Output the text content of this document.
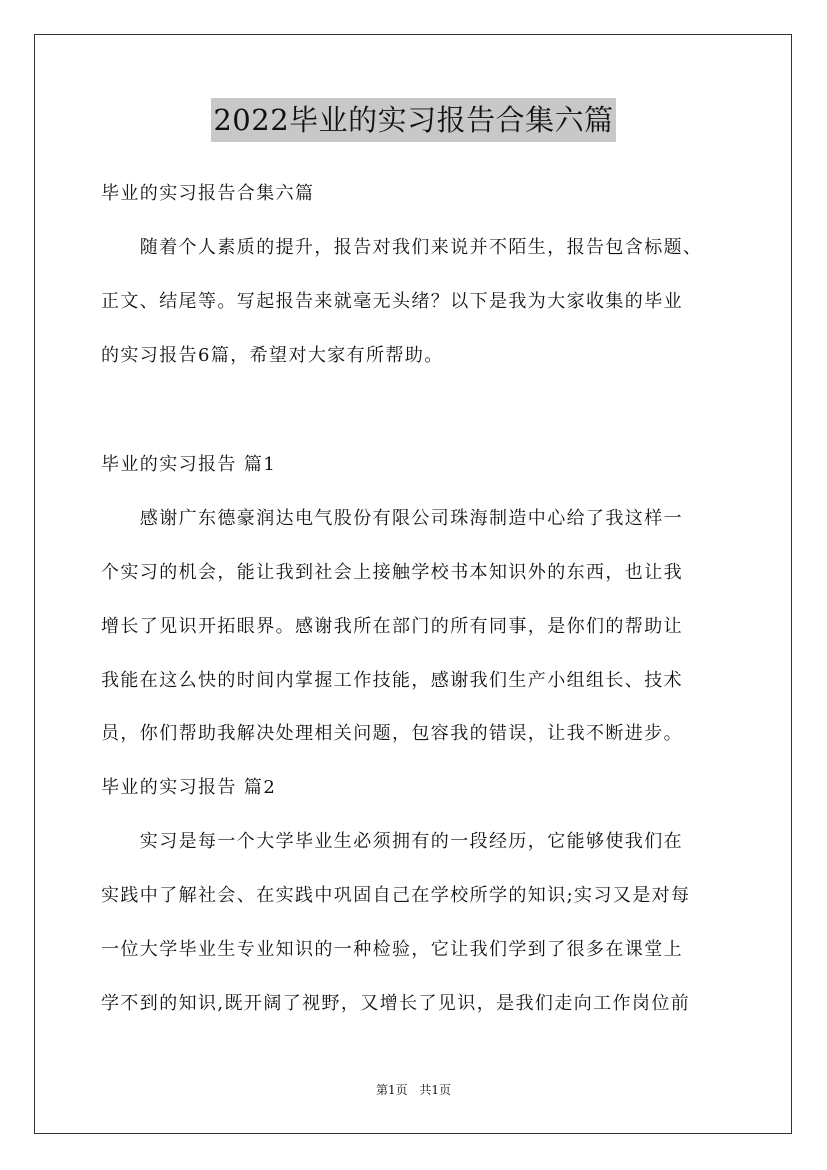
2022毕业的实习报告合集六篇
毕业的实习报告合集六篇
　　随着个人素质的提升，报告对我们来说并不陌生，报告包含标题、
正文、结尾等。写起报告来就毫无头绪？以下是我为大家收集的毕业
的实习报告6篇，希望对大家有所帮助。
毕业的实习报告 篇1
　　感谢广东德豪润达电气股份有限公司珠海制造中心给了我这样一
个实习的机会，能让我到社会上接触学校书本知识外的东西，也让我
增长了见识开拓眼界。感谢我所在部门的所有同事，是你们的帮助让
我能在这么快的时间内掌握工作技能，感谢我们生产小组组长、技术
员，你们帮助我解决处理相关问题，包容我的错误，让我不断进步。
毕业的实习报告 篇2
　　实习是每一个大学毕业生必须拥有的一段经历，它能够使我们在
实践中了解社会、在实践中巩固自己在学校所学的知识;实习又是对每
一位大学毕业生专业知识的一种检验，它让我们学到了很多在课堂上
学不到的知识,既开阔了视野，又增长了见识，是我们走向工作岗位前
第1页 共1页
